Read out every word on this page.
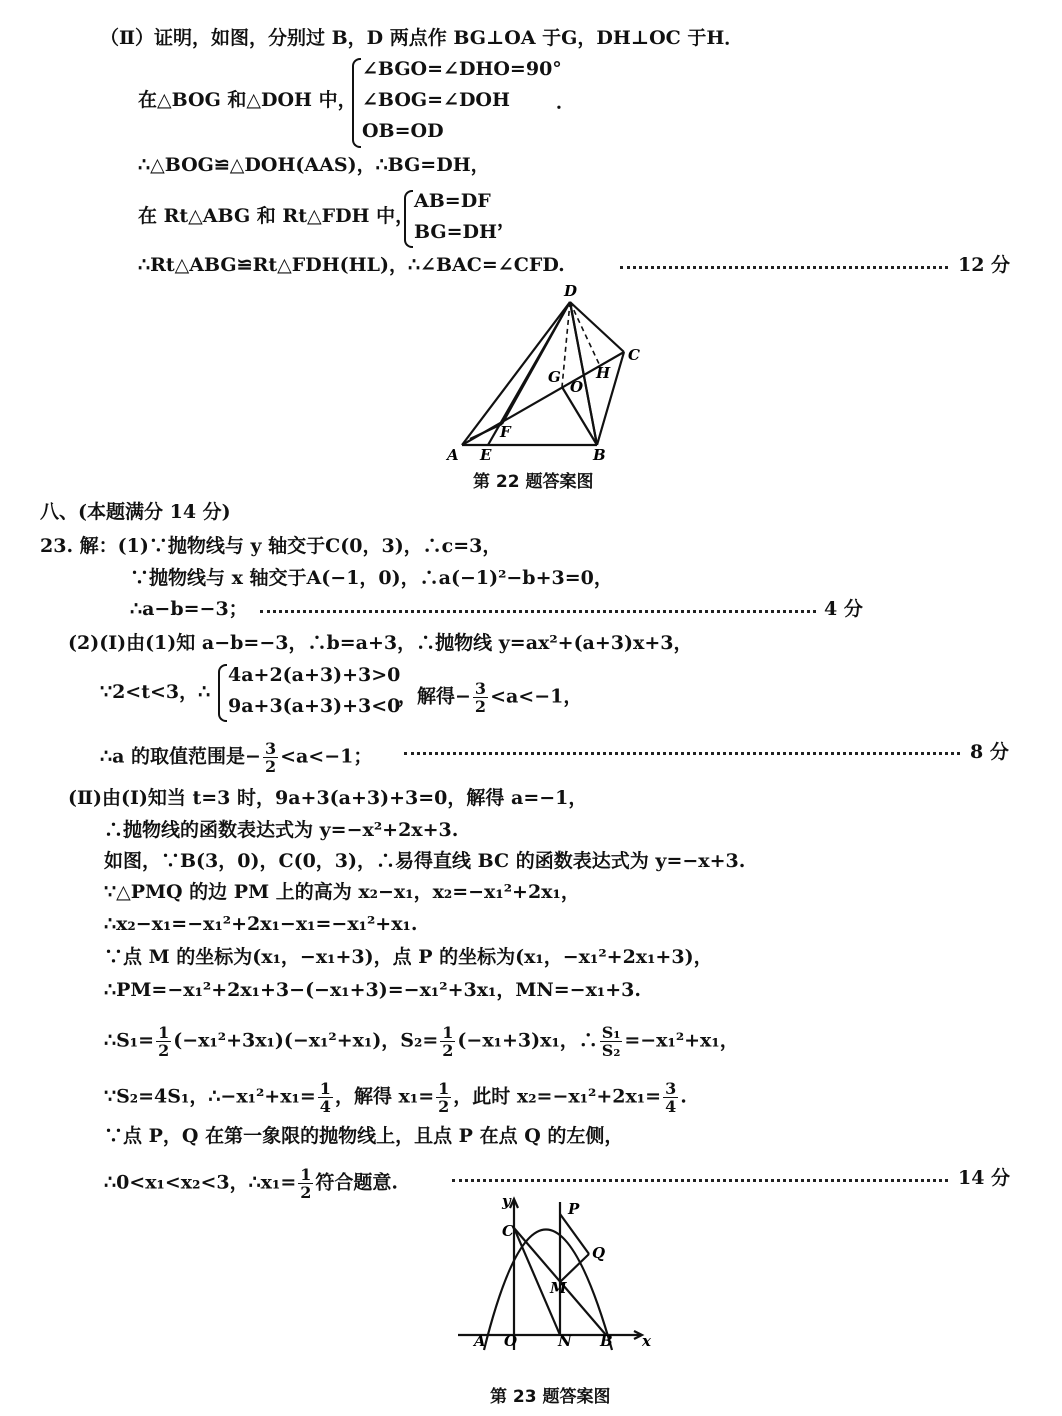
（Ⅱ）证明，如图，分别过 B，D 两点作 BG⊥OA 于G，DH⊥OC 于H．
在△BOG 和△DOH 中，
∠BGO=∠DHO=90°
∠BOG=∠DOH
OB=OD
．
∴△BOG≌△DOH(AAS)，∴BG=DH，
在 Rt△ABG 和 Rt△FDH 中，
AB=DF
BG=DH
，
∴Rt△ABG≌Rt△FDH(HL)，∴∠BAC=∠CFD.	12 分
D
C
G
O
H
F
A E	B
第 22 题答案图
八、(本题满分 14 分)
23. 解：(1)∵抛物线与 y 轴交于C(0，3)，∴c=3，
∵抛物线与 x 轴交于A(−1，0)，∴a(−1)²−b+3=0，
∴a−b=−3；	4 分
(2)(Ⅰ)由(1)知 a−b=−3，∴b=a+3，∴抛物线 y=ax²+(a+3)x+3，
∵2<t<3，∴
4a+2(a+3)+3>0
9a+3(a+3)+3<0
，解得− $\frac{3}{2} <a<-1$，
∴a 的取值范围是− $\frac{3}{2} <a<-1$；	8 分
(Ⅱ)由(Ⅰ)知当 t=3 时，9a+3(a+3)+3=0，解得 a=−1，
∴抛物线的函数表达式为 y=−x²+2x+3.
如图，∵B(3，0)，C(0，3)，∴易得直线 BC 的函数表达式为 y=−x+3.
∵△PMQ 的边 PM 上的高为 x₂−x₁，x₂=−x₁²+2x₁，
∴x₂−x₁=−x₁²+2x₁−x₁=−x₁²+x₁.
∵点 M 的坐标为(x₁，−x₁+3)，点 P 的坐标为(x₁，−x₁²+2x₁+3)，
∴PM=−x₁²+2x₁+3−(−x₁+3)=−x₁²+3x₁，MN=−x₁+3.
∴S₁= $\frac{1}{2} (-x_1^2+3x_1)(-x_1^2+x_1)$，$S_2= \frac{1}{2} (-x_1+3)x_1$，∴ $\frac{\text{S₁}}{\text{S₂}} =-x_1^2+x_1$，
∵S₂=4S₁，∴−x₁²+x₁= $\frac{1}{4}$ ，解得 $x_1= \frac{1}{2}$ ，此时 $x_2=-x_1^2+2x_1= \frac{3}{4}$ .
∵点 P，Q 在第一象限的抛物线上，且点 P 在点 Q 的左侧，
∴0<x₁<x₂<3，∴x₁= $\frac{1}{2}$ 符合题意.	14 分
y
C
P
Q
M
A O	N B x
第 23 题答案图
